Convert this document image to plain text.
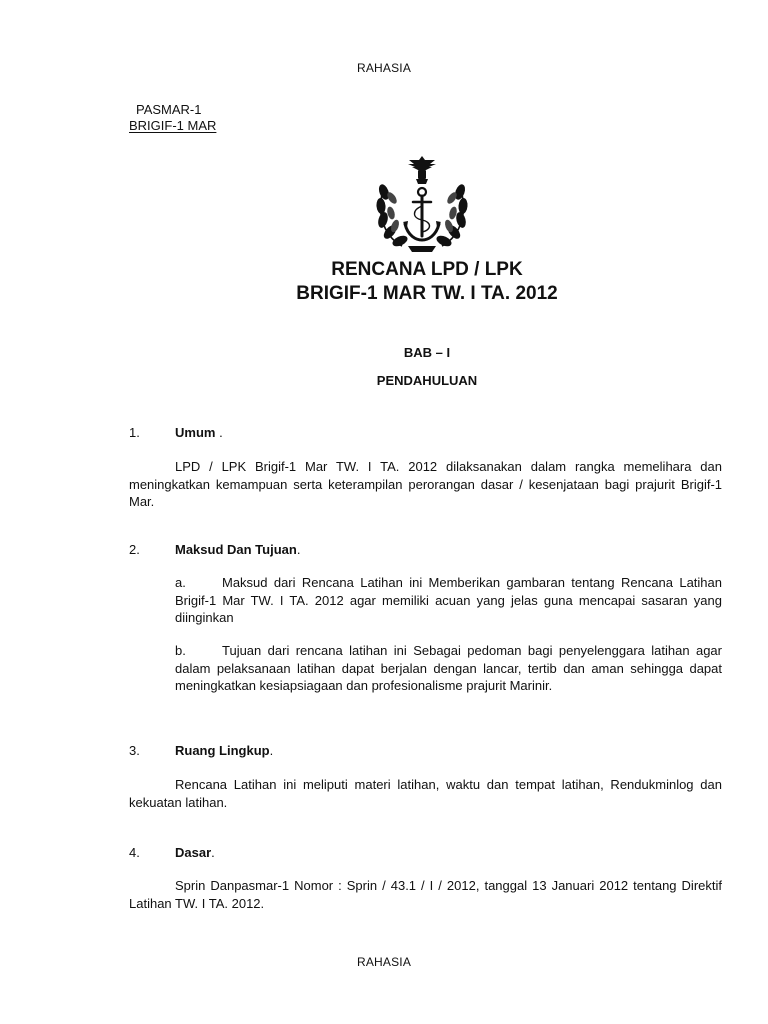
RAHASIA
PASMAR-1
BRIGIF-1 MAR
RENCANA LPD / LPK
BRIGIF-1 MAR TW. I TA. 2012
BAB – I
PENDAHULUAN
1.	Umum .
LPD / LPK Brigif-1 Mar TW. I TA. 2012 dilaksanakan dalam rangka memelihara dan meningkatkan kemampuan serta keterampilan perorangan dasar / kesenjataan bagi prajurit Brigif-1 Mar.
2.	Maksud Dan Tujuan.
a.	Maksud dari Rencana Latihan ini Memberikan gambaran tentang Rencana Latihan Brigif-1 Mar TW. I TA. 2012 agar memiliki acuan yang jelas guna mencapai sasaran yang diinginkan
b.	Tujuan dari rencana latihan ini Sebagai pedoman bagi penyelenggara latihan agar dalam pelaksanaan latihan dapat berjalan dengan lancar, tertib dan aman sehingga dapat meningkatkan kesiapsiagaan dan profesionalisme prajurit Marinir.
3.	Ruang Lingkup.
Rencana Latihan ini meliputi materi latihan, waktu dan tempat latihan, Rendukminlog dan kekuatan latihan.
4.	Dasar.
Sprin Danpasmar-1 Nomor : Sprin / 43.1 / I / 2012, tanggal 13 Januari 2012 tentang Direktif Latihan TW. I TA. 2012.
RAHASIA
